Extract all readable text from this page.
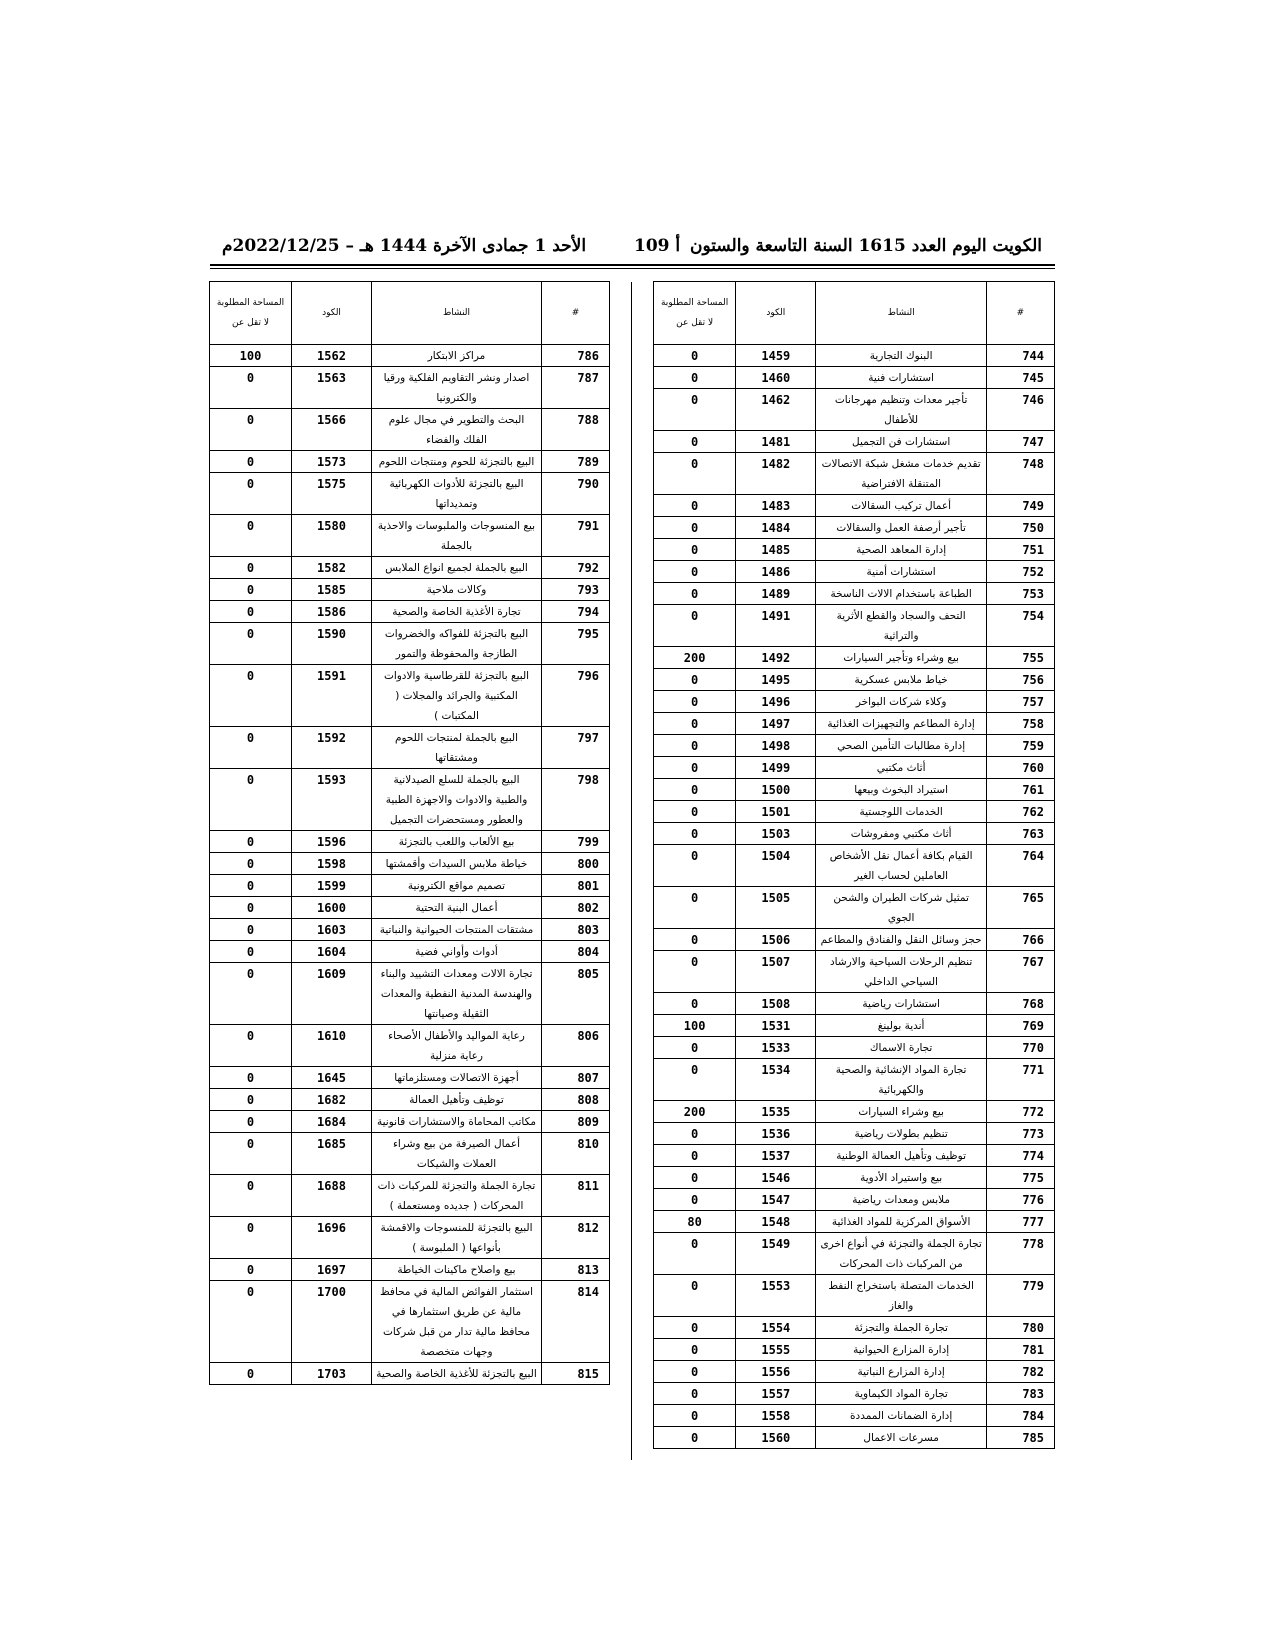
الأحد 1 جمادى الآخرة 1444 هـ – 2022/12/25م	أ 109 الكويت اليوم العدد 1615 السنة التاسعة والستون
#	النشاط	الكود	المساحة المطلوبة لا تقل عن
744	البنوك التجارية	1459	0
745	استشارات فنية	1460	0
746	تأجير معدات وتنظيم مهرجانات للأطفال	1462	0
747	استشارات فن التجميل	1481	0
748	تقديم خدمات مشغل شبكة الاتصالات المتنقلة الافتراضية	1482	0
749	أعمال تركيب السقالات	1483	0
750	تأجير أرصفة العمل والسقالات	1484	0
751	إدارة المعاهد الصحية	1485	0
752	استشارات أمنية	1486	0
753	الطباعة باستخدام الالات الناسخة	1489	0
754	التحف والسجاد والقطع الأثرية والتراثية	1491	0
755	بيع وشراء وتأجير السيارات	1492	200
756	خياط ملابس عسكرية	1495	0
757	وكلاء شركات البواخر	1496	0
758	إدارة المطاعم والتجهيزات الغذائية	1497	0
759	إدارة مطالبات التأمين الصحي	1498	0
760	أثاث مكتبي	1499	0
761	استيراد البخوث وبيعها	1500	0
762	الخدمات اللوجستية	1501	0
763	أثاث مكتبي ومفروشات	1503	0
764	القيام بكافة أعمال نقل الأشخاص العاملين لحساب الغير	1504	0
765	تمثيل شركات الطيران والشحن الجوي	1505	0
766	حجز وسائل النقل والفنادق والمطاعم	1506	0
767	تنظيم الرحلات السياحية والارشاد السياحي الداخلي	1507	0
768	استشارات رياضية	1508	0
769	أندية بولينغ	1531	100
770	تجارة الاسماك	1533	0
771	تجارة المواد الإنشائية والصحية والكهربائية	1534	0
772	بيع وشراء السيارات	1535	200
773	تنظيم بطولات رياضية	1536	0
774	توظيف وتأهيل العمالة الوطنية	1537	0
775	بيع واستيراد الأدوية	1546	0
776	ملابس ومعدات رياضية	1547	0
777	الأسواق المركزية للمواد الغذائية	1548	80
778	تجارة الجملة والتجزئة في أنواع اخرى من المركبات ذات المحركات	1549	0
779	الخدمات المتصلة باستخراج النفط والغاز	1553	0
780	تجارة الجملة والتجزئة	1554	0
781	إدارة المزارع الحيوانية	1555	0
782	إدارة المزارع النباتية	1556	0
783	تجارة المواد الكيماوية	1557	0
784	إدارة الضمانات الممددة	1558	0
785	مسرعات الاعمال	1560	0
#	النشاط	الكود	المساحة المطلوبة لا تقل عن
786	مراكز الابتكار	1562	100
787	اصدار ونشر التقاويم الفلكية ورقيا والكترونيا	1563	0
788	البحث والتطوير في مجال علوم الفلك والفضاء	1566	0
789	البيع بالتجزئة للحوم ومنتجات اللحوم	1573	0
790	البيع بالتجزئة للأدوات الكهربائية وتمديداتها	1575	0
791	بيع المنسوجات والملبوسات والاحذية بالجملة	1580	0
792	البيع بالجملة لجميع انواع الملابس	1582	0
793	وكالات ملاحية	1585	0
794	تجارة الأغذية الخاصة والصحية	1586	0
795	البيع بالتجزئة للفواكه والخضروات الطازجة والمحفوظة والتمور	1590	0
796	البيع بالتجزئة للقرطاسية والادوات المكتبية والجرائد والمجلات ( المكتبات )	1591	0
797	البيع بالجملة لمنتجات اللحوم ومشتقاتها	1592	0
798	البيع بالجملة للسلع الصيدلانية والطبية والادوات والاجهزة الطبية والعطور ومستحضرات التجميل	1593	0
799	بيع الألعاب واللعب بالتجزئة	1596	0
800	خياطة ملابس السيدات وأقمشتها	1598	0
801	تصميم مواقع الكترونية	1599	0
802	أعمال البنية التحتية	1600	0
803	مشتقات المنتجات الحيوانية والنباتية	1603	0
804	أدوات وأواني فضية	1604	0
805	تجارة الالات ومعدات التشييد والبناء والهندسة المدنية النفطية والمعدات الثقيلة وصيانتها	1609	0
806	رعاية المواليد والأطفال الأصحاء رعاية منزلية	1610	0
807	أجهزة الاتصالات ومستلزماتها	1645	0
808	توظيف وتأهيل العمالة	1682	0
809	مكاتب المحاماة والاستشارات قانونية	1684	0
810	أعمال الصيرفة من بيع وشراء العملات والشيكات	1685	0
811	تجارة الجملة والتجزئة للمركبات ذات المحركات ( جديده ومستعملة )	1688	0
812	البيع بالتجزئة للمنسوجات والاقمشة بأنواعها ( الملبوسة )	1696	0
813	بيع واصلاح ماكينات الخياطة	1697	0
814	استثمار الفوائض المالية في محافظ مالية عن طريق استثمارها في محافظ مالية تدار من قبل شركات وجهات متخصصة	1700	0
815	البيع بالتجزئة للأغذية الخاصة والصحية	1703	0
